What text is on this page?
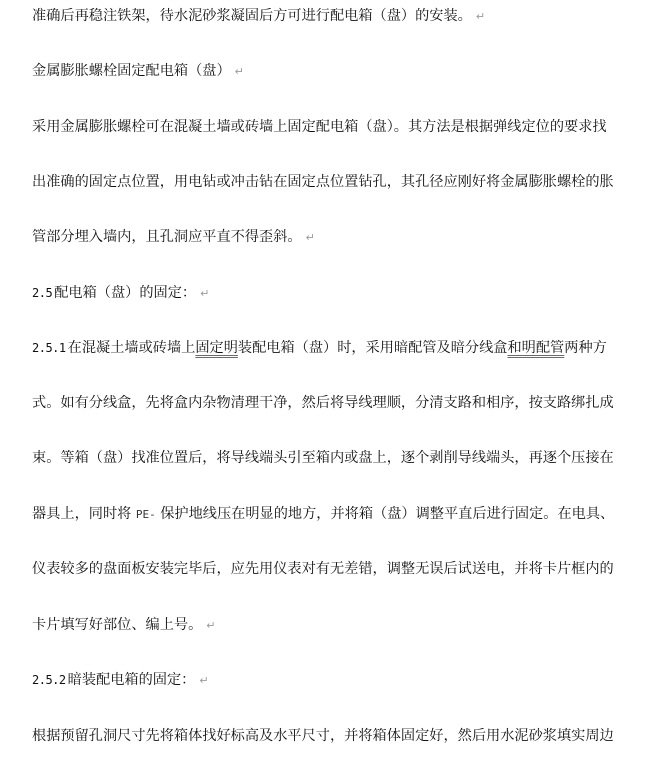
准确后再稳注铁架，待水泥砂浆凝固后方可进行配电箱（盘）的安装。 ↵
金属膨胀螺栓固定配电箱（盘） ↵
采用金属膨胀螺栓可在混凝土墙或砖墙上固定配电箱（盘）。其方法是根据弹线定位的要求找
出准确的固定点位置，用电钻或冲击钻在固定点位置钻孔，其孔径应刚好将金属膨胀螺栓的胀
管部分埋入墙内，且孔洞应平直不得歪斜。 ↵
2.5 配电箱（盘）的固定： ↵
2.5.1 在混凝土墙或砖墙上固定明装配电箱（盘）时，采用暗配管及暗分线盒和明配管两种方
式。如有分线盒，先将盒内杂物清理干净，然后将导线理顺，分清支路和相序，按支路绑扎成
束。等箱（盘）找准位置后，将导线端头引至箱内或盘上，逐个剥削导线端头，再逐个压接在
器具上，同时将 PE- 保护地线压在明显的地方，并将箱（盘）调整平直后进行固定。在电具、
仪表较多的盘面板安装完毕后，应先用仪表对有无差错，调整无误后试送电，并将卡片框内的
卡片填写好部位、编上号。 ↵
2.5.2 暗装配电箱的固定： ↵
根据预留孔洞尺寸先将箱体找好标高及水平尺寸，并将箱体固定好，然后用水泥砂浆填实周边
